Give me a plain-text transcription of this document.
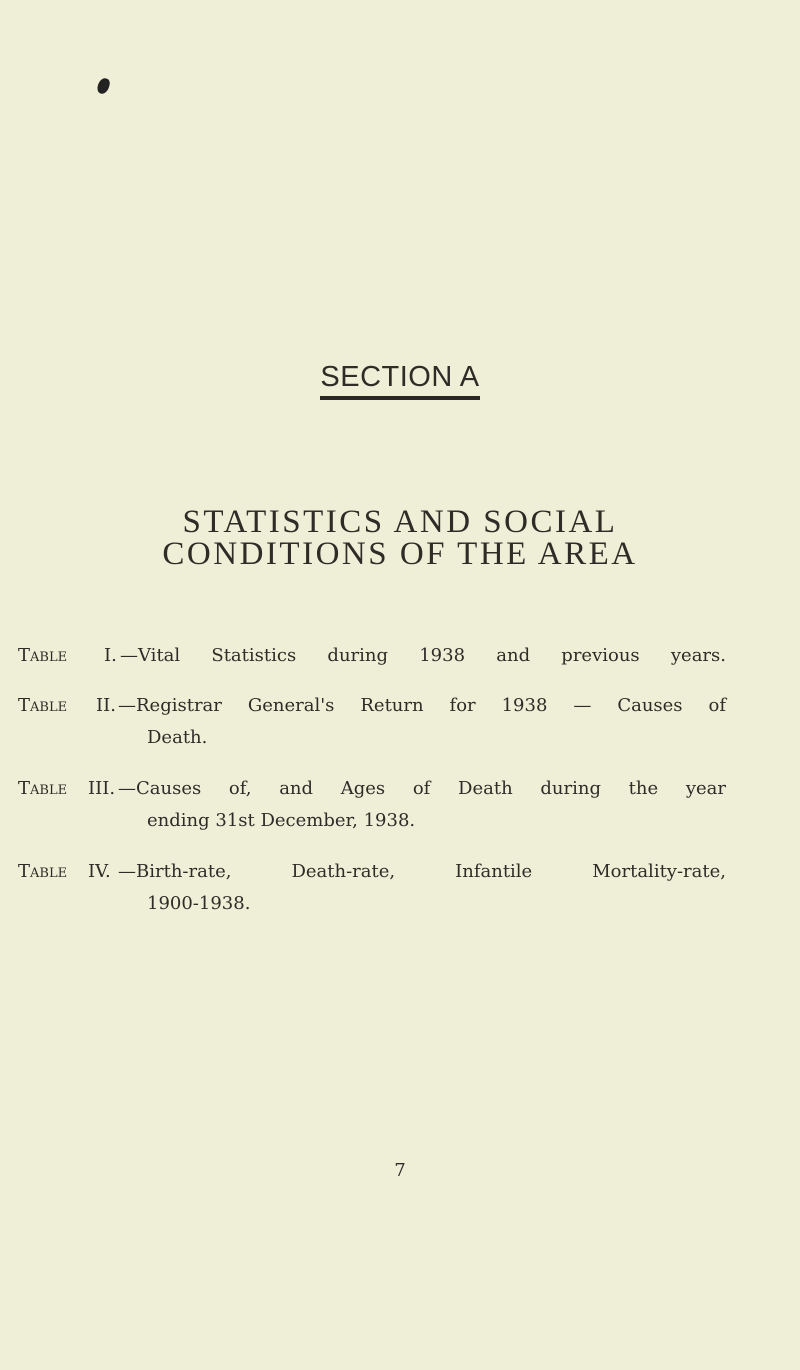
SECTION A
STATISTICS AND SOCIAL
CONDITIONS OF THE AREA
Table I. —Vital Statistics during 1938 and previous years.
Table II. —Registrar General's Return for 1938 — Causes of
Death.
Table III. —Causes of, and Ages of Death during the year
ending 31st December, 1938.
Table IV. —Birth-rate, Death-rate, Infantile Mortality-rate,
1900-1938.
7
